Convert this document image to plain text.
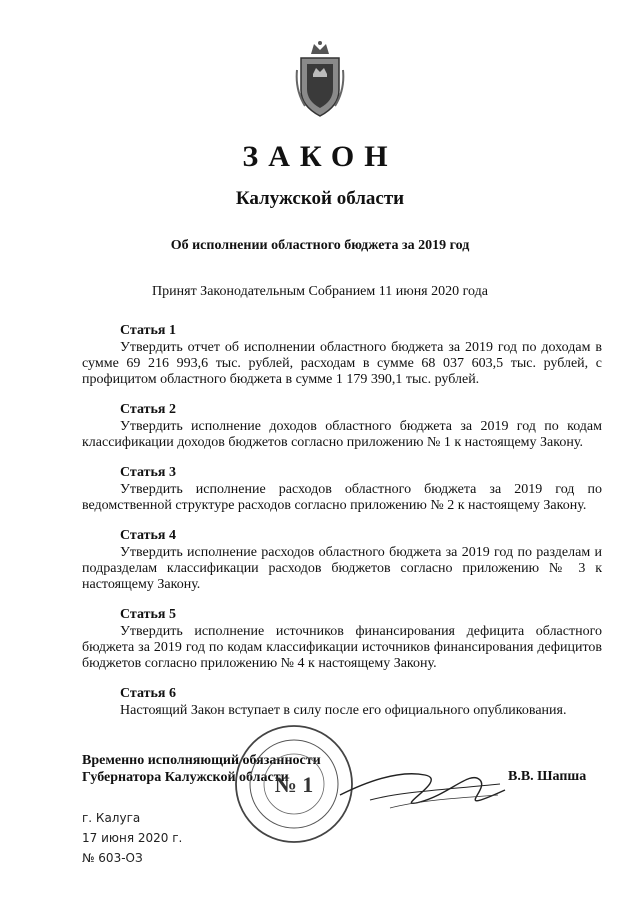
ЗАКОН
Калужской области
Об исполнении областного бюджета за 2019 год
Принят Законодательным Собранием 11 июня 2020 года
Статья 1
Утвердить отчет об исполнении областного бюджета за 2019 год по доходам в сумме 69 216 993,6 тыс. рублей, расходам в сумме 68 037 603,5 тыс. рублей, с профицитом областного бюджета в сумме 1 179 390,1 тыс. рублей.
Статья 2
Утвердить исполнение доходов областного бюджета за 2019 год по кодам классификации доходов бюджетов согласно приложению № 1 к настоящему Закону.
Статья 3
Утвердить исполнение расходов областного бюджета за 2019 год по ведомственной структуре расходов согласно приложению № 2 к настоящему Закону.
Статья 4
Утвердить исполнение расходов областного бюджета за 2019 год по разделам и подразделам классификации расходов бюджетов согласно приложению № 3 к настоящему Закону.
Статья 5
Утвердить исполнение источников финансирования дефицита областного бюджета за 2019 год по кодам классификации источников финансирования дефицитов бюджетов согласно приложению № 4 к настоящему Закону.
Статья 6
Настоящий Закон вступает в силу после его официального опубликования.
Временно исполняющий обязанности
Губернатора Калужской области
№ 1	В.В. Шапша
г. Калуга
17 июня 2020 г.
№ 603-ОЗ
